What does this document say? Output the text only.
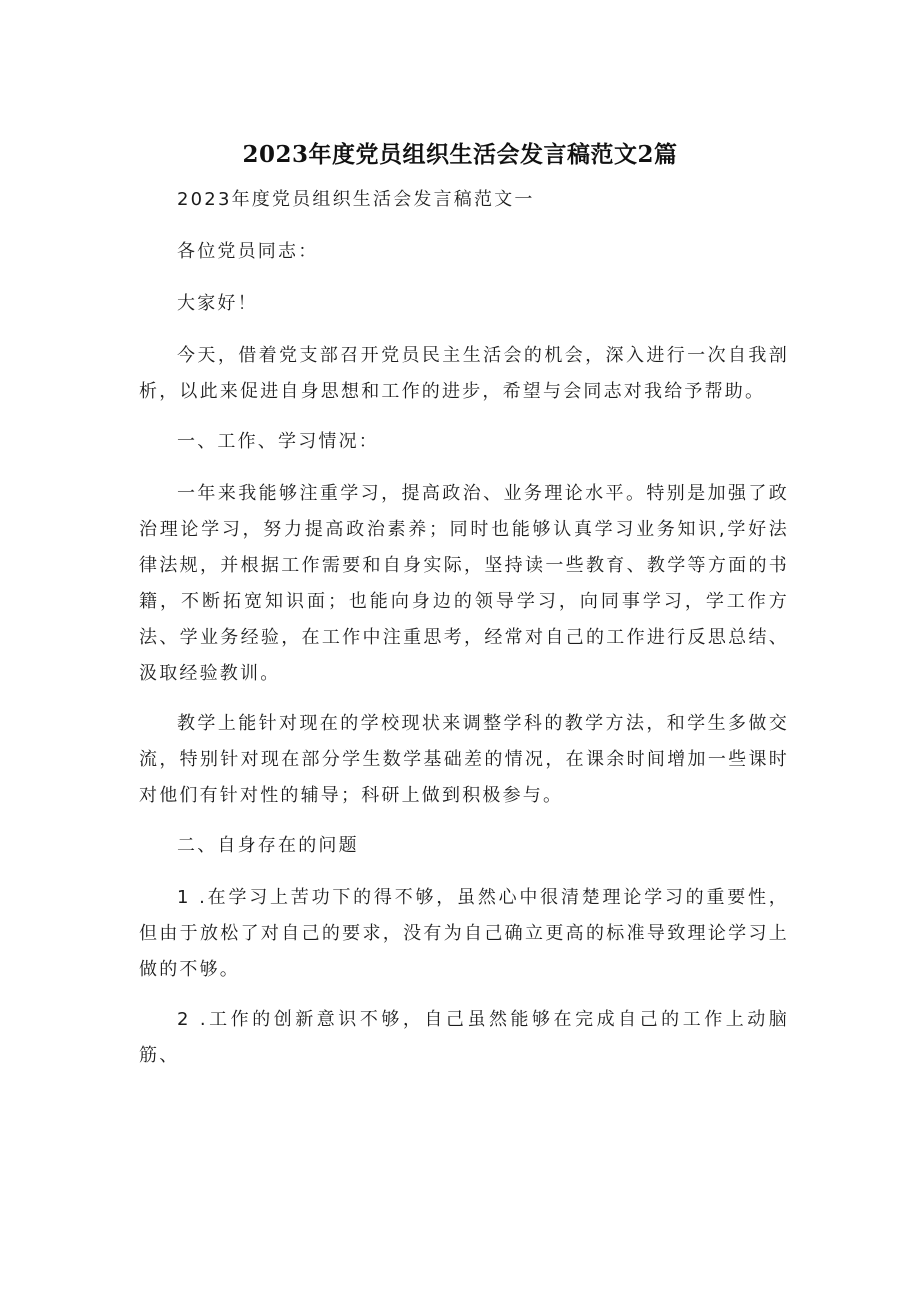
2023年度党员组织生活会发言稿范文2篇

2023年度党员组织生活会发言稿范文一

各位党员同志：

大家好！

今天，借着党支部召开党员民主生活会的机会，深入进行一次自我剖析，以此来促进自身思想和工作的进步，希望与会同志对我给予帮助。

一、工作、学习情况：

一年来我能够注重学习，提高政治、业务理论水平。特别是加强了政治理论学习，努力提高政治素养；同时也能够认真学习业务知识,学好法律法规，并根据工作需要和自身实际，坚持读一些教育、教学等方面的书籍，不断拓宽知识面；也能向身边的领导学习，向同事学习，学工作方法、学业务经验，在工作中注重思考，经常对自己的工作进行反思总结、汲取经验教训。

教学上能针对现在的学校现状来调整学科的教学方法，和学生多做交流，特别针对现在部分学生数学基础差的情况，在课余时间增加一些课时对他们有针对性的辅导；科研上做到积极参与。

二、自身存在的问题

1 .在学习上苦功下的得不够，虽然心中很清楚理论学习的重要性，但由于放松了对自己的要求，没有为自己确立更高的标准导致理论学习上做的不够。

2 .工作的创新意识不够，自己虽然能够在完成自己的工作上动脑筋、
